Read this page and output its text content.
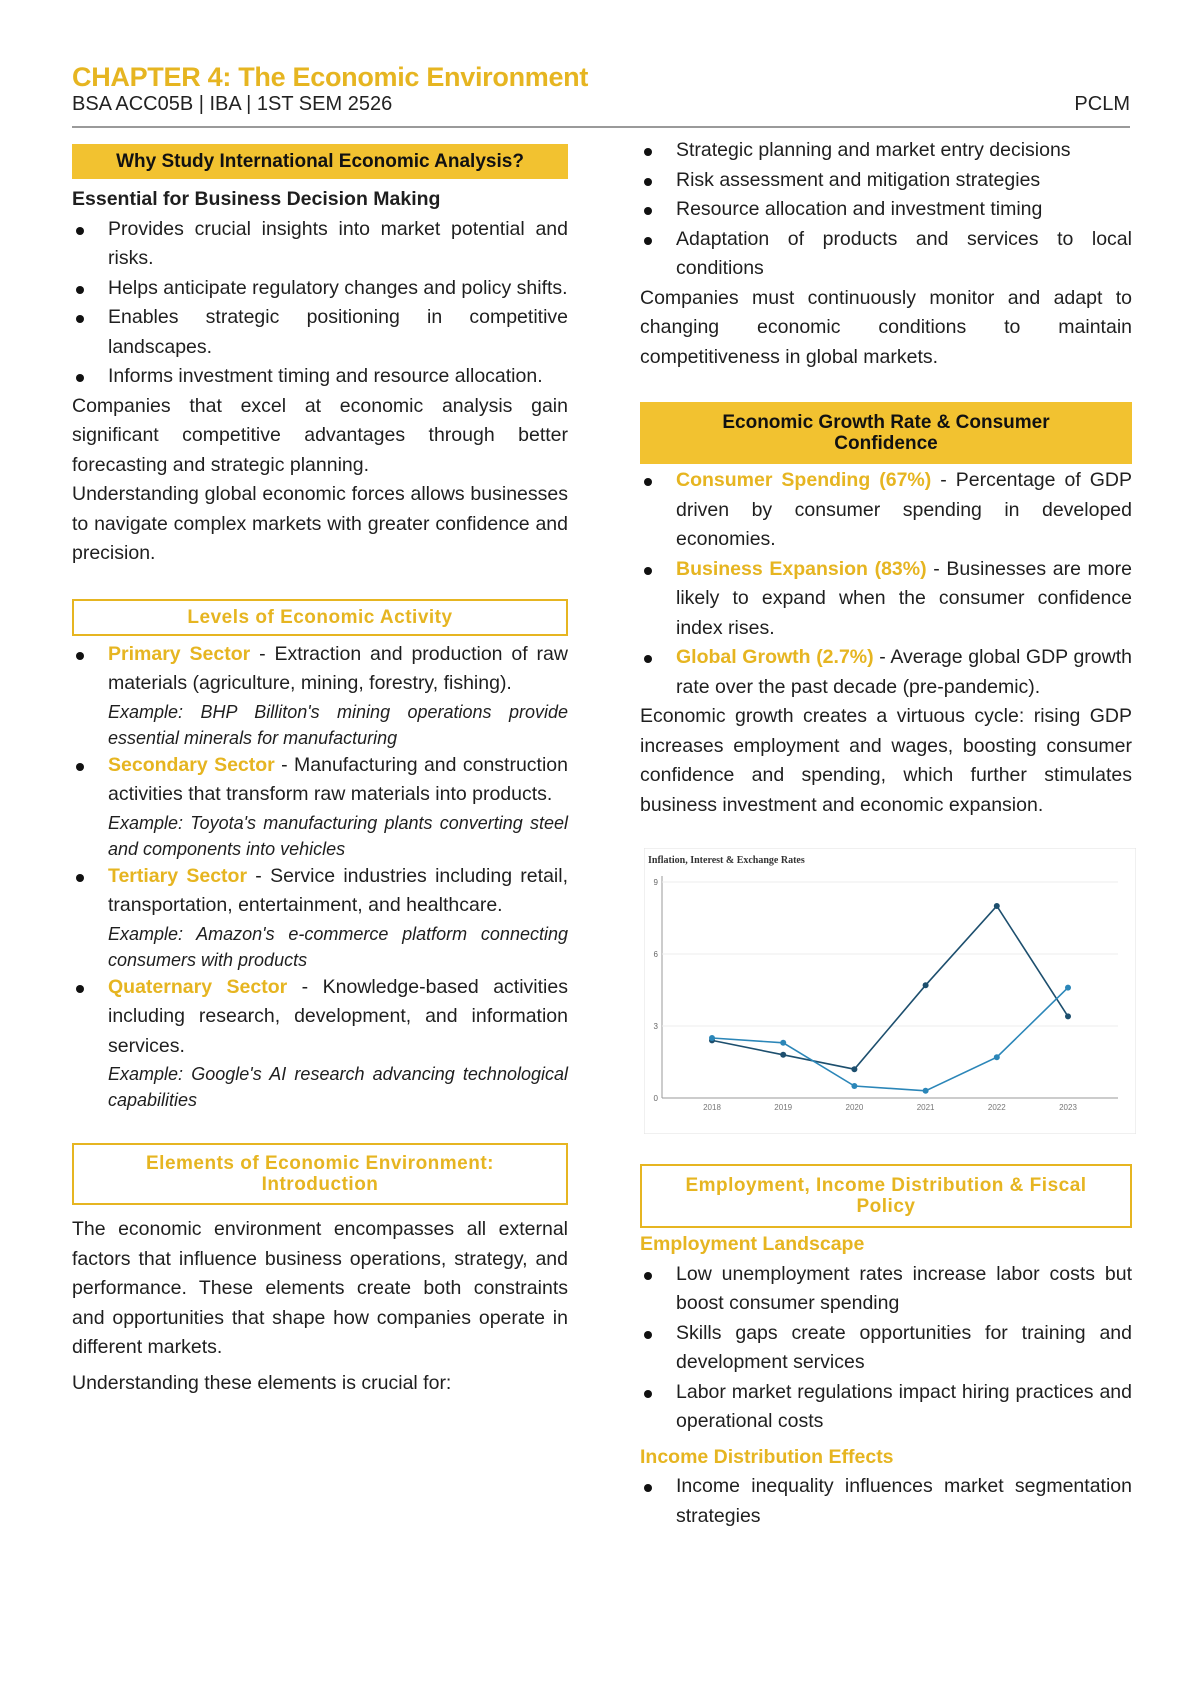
CHAPTER 4: The Economic Environment
BSA ACC05B | IBA | 1ST SEM 2526	PCLM
Why Study International Economic Analysis?
Essential for Business Decision Making
Provides crucial insights into market potential and risks.
Helps anticipate regulatory changes and policy shifts.
Enables strategic positioning in competitive landscapes.
Informs investment timing and resource allocation.

Companies that excel at economic analysis gain significant competitive advantages through better forecasting and strategic planning.

Understanding global economic forces allows businesses to navigate complex markets with greater confidence and precision.

Levels of Economic Activity
Primary Sector - Extraction and production of raw materials (agriculture, mining, forestry, fishing).
Example: BHP Billiton's mining operations provide essential minerals for manufacturing
Secondary Sector - Manufacturing and construction activities that transform raw materials into products.
Example: Toyota's manufacturing plants converting steel and components into vehicles
Tertiary Sector - Service industries including retail, transportation, entertainment, and healthcare.
Example: Amazon's e-commerce platform connecting consumers with products
Quaternary Sector - Knowledge-based activities including research, development, and information services.
Example: Google's AI research advancing technological capabilities
Elements of Economic Environment: Introduction

The economic environment encompasses all external factors that influence business operations, strategy, and performance. These elements create both constraints and opportunities that shape how companies operate in different markets.

Understanding these elements is crucial for:

Strategic planning and market entry decisions
Risk assessment and mitigation strategies
Resource allocation and investment timing
Adaptation of products and services to local conditions

Companies must continuously monitor and adapt to changing economic conditions to maintain competitiveness in global markets.

Economic Growth Rate & Consumer Confidence
Consumer Spending (67%) - Percentage of GDP driven by consumer spending in developed economies.
Business Expansion (83%) - Businesses are more likely to expand when the consumer confidence index rises.
Global Growth (2.7%) - Average global GDP growth rate over the past decade (pre-pandemic).

Economic growth creates a virtuous cycle: rising GDP increases employment and wages, boosting consumer confidence and spending, which further stimulates business investment and economic expansion.

Inflation, Interest & Exchange Rates
0
3
6
9
2018	2019	2020	2021	2022	2023
Employment, Income Distribution & Fiscal Policy
Employment Landscape
Low unemployment rates increase labor costs but boost consumer spending
Skills gaps create opportunities for training and development services
Labor market regulations impact hiring practices and operational costs
Income Distribution Effects
Income inequality influences market segmentation strategies
